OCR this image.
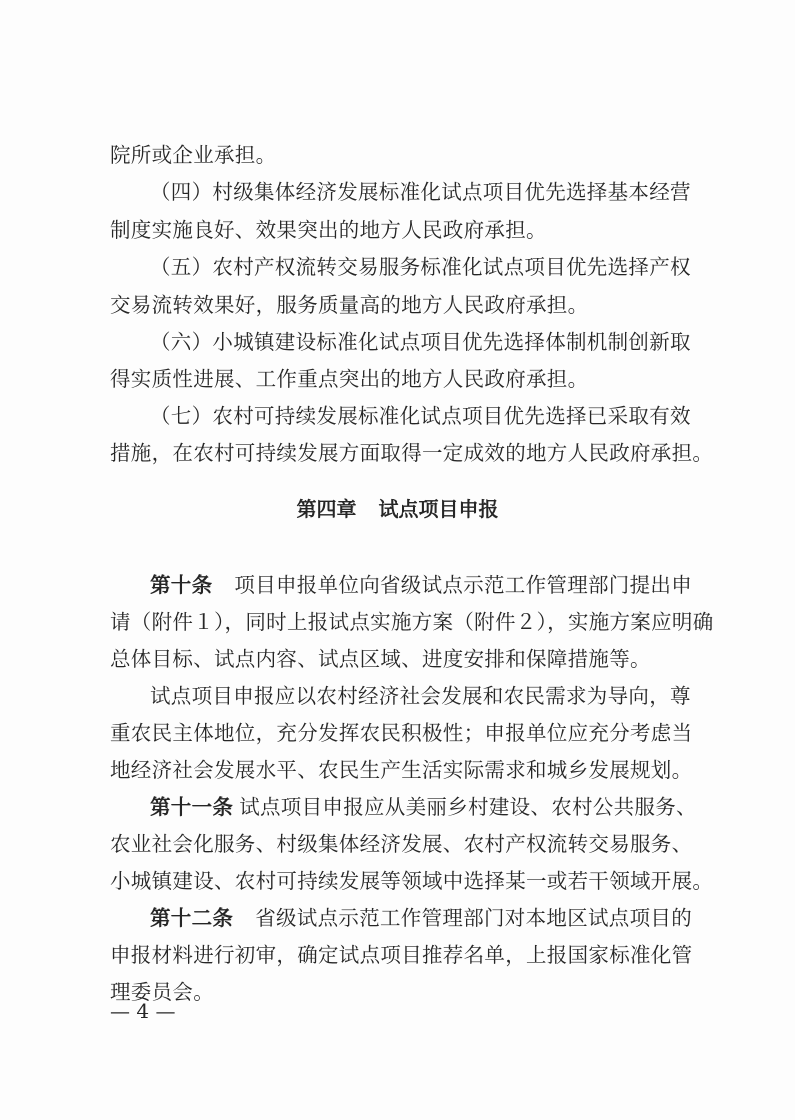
院所或企业承担。
（四）村级集体经济发展标准化试点项目优先选择基本经营
制度实施良好、效果突出的地方人民政府承担。
（五）农村产权流转交易服务标准化试点项目优先选择产权
交易流转效果好，服务质量高的地方人民政府承担。
（六）小城镇建设标准化试点项目优先选择体制机制创新取
得实质性进展、工作重点突出的地方人民政府承担。
（七）农村可持续发展标准化试点项目优先选择已采取有效
措施，在农村可持续发展方面取得一定成效的地方人民政府承担。
第四章 试点项目申报
第十条 项目申报单位向省级试点示范工作管理部门提出申
请（附件１），同时上报试点实施方案（附件２），实施方案应明确
总体目标、试点内容、试点区域、进度安排和保障措施等。
试点项目申报应以农村经济社会发展和农民需求为导向，尊
重农民主体地位，充分发挥农民积极性；申报单位应充分考虑当
地经济社会发展水平、农民生产生活实际需求和城乡发展规划。
第十一条 试点项目申报应从美丽乡村建设、农村公共服务、
农业社会化服务、村级集体经济发展、农村产权流转交易服务、
小城镇建设、农村可持续发展等领域中选择某一或若干领域开展。
第十二条 省级试点示范工作管理部门对本地区试点项目的
申报材料进行初审，确定试点项目推荐名单，上报国家标准化管
理委员会。
— 4 —
